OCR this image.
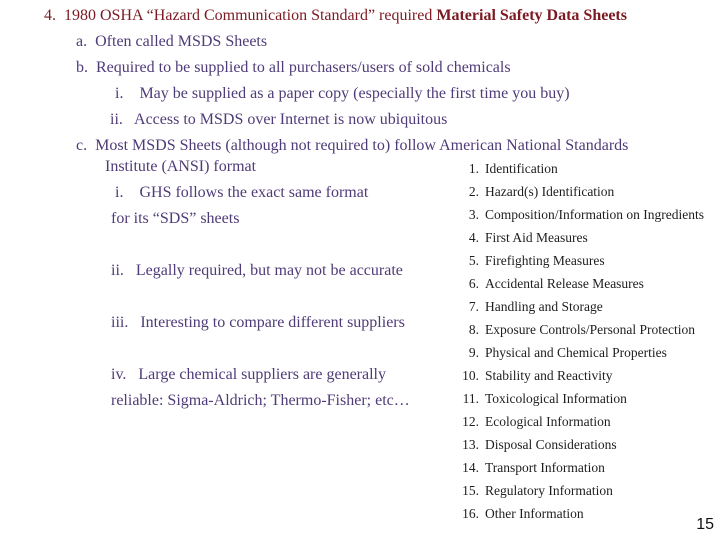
4. 1980 OSHA “Hazard Communication Standard” required Material Safety Data Sheets
a. Often called MSDS Sheets
b. Required to be supplied to all purchasers/users of sold chemicals
i. May be supplied as a paper copy (especially the first time you buy)
ii. Access to MSDS over Internet is now ubiquitous
c. Most MSDS Sheets (although not required to) follow American National Standards
Institute (ANSI) format
i. GHS follows the exact same format
for its “SDS” sheets
ii. Legally required, but may not be accurate
iii. Interesting to compare different suppliers
iv. Large chemical suppliers are generally
reliable: Sigma-Aldrich; Thermo-Fisher; etc…
1. Identification
2. Hazard(s) Identification
3. Composition/Information on Ingredients
4. First Aid Measures
5. Firefighting Measures
6. Accidental Release Measures
7. Handling and Storage
8. Exposure Controls/Personal Protection
9. Physical and Chemical Properties
10. Stability and Reactivity
11. Toxicological Information
12. Ecological Information
13. Disposal Considerations
14. Transport Information
15. Regulatory Information
16. Other Information
15
